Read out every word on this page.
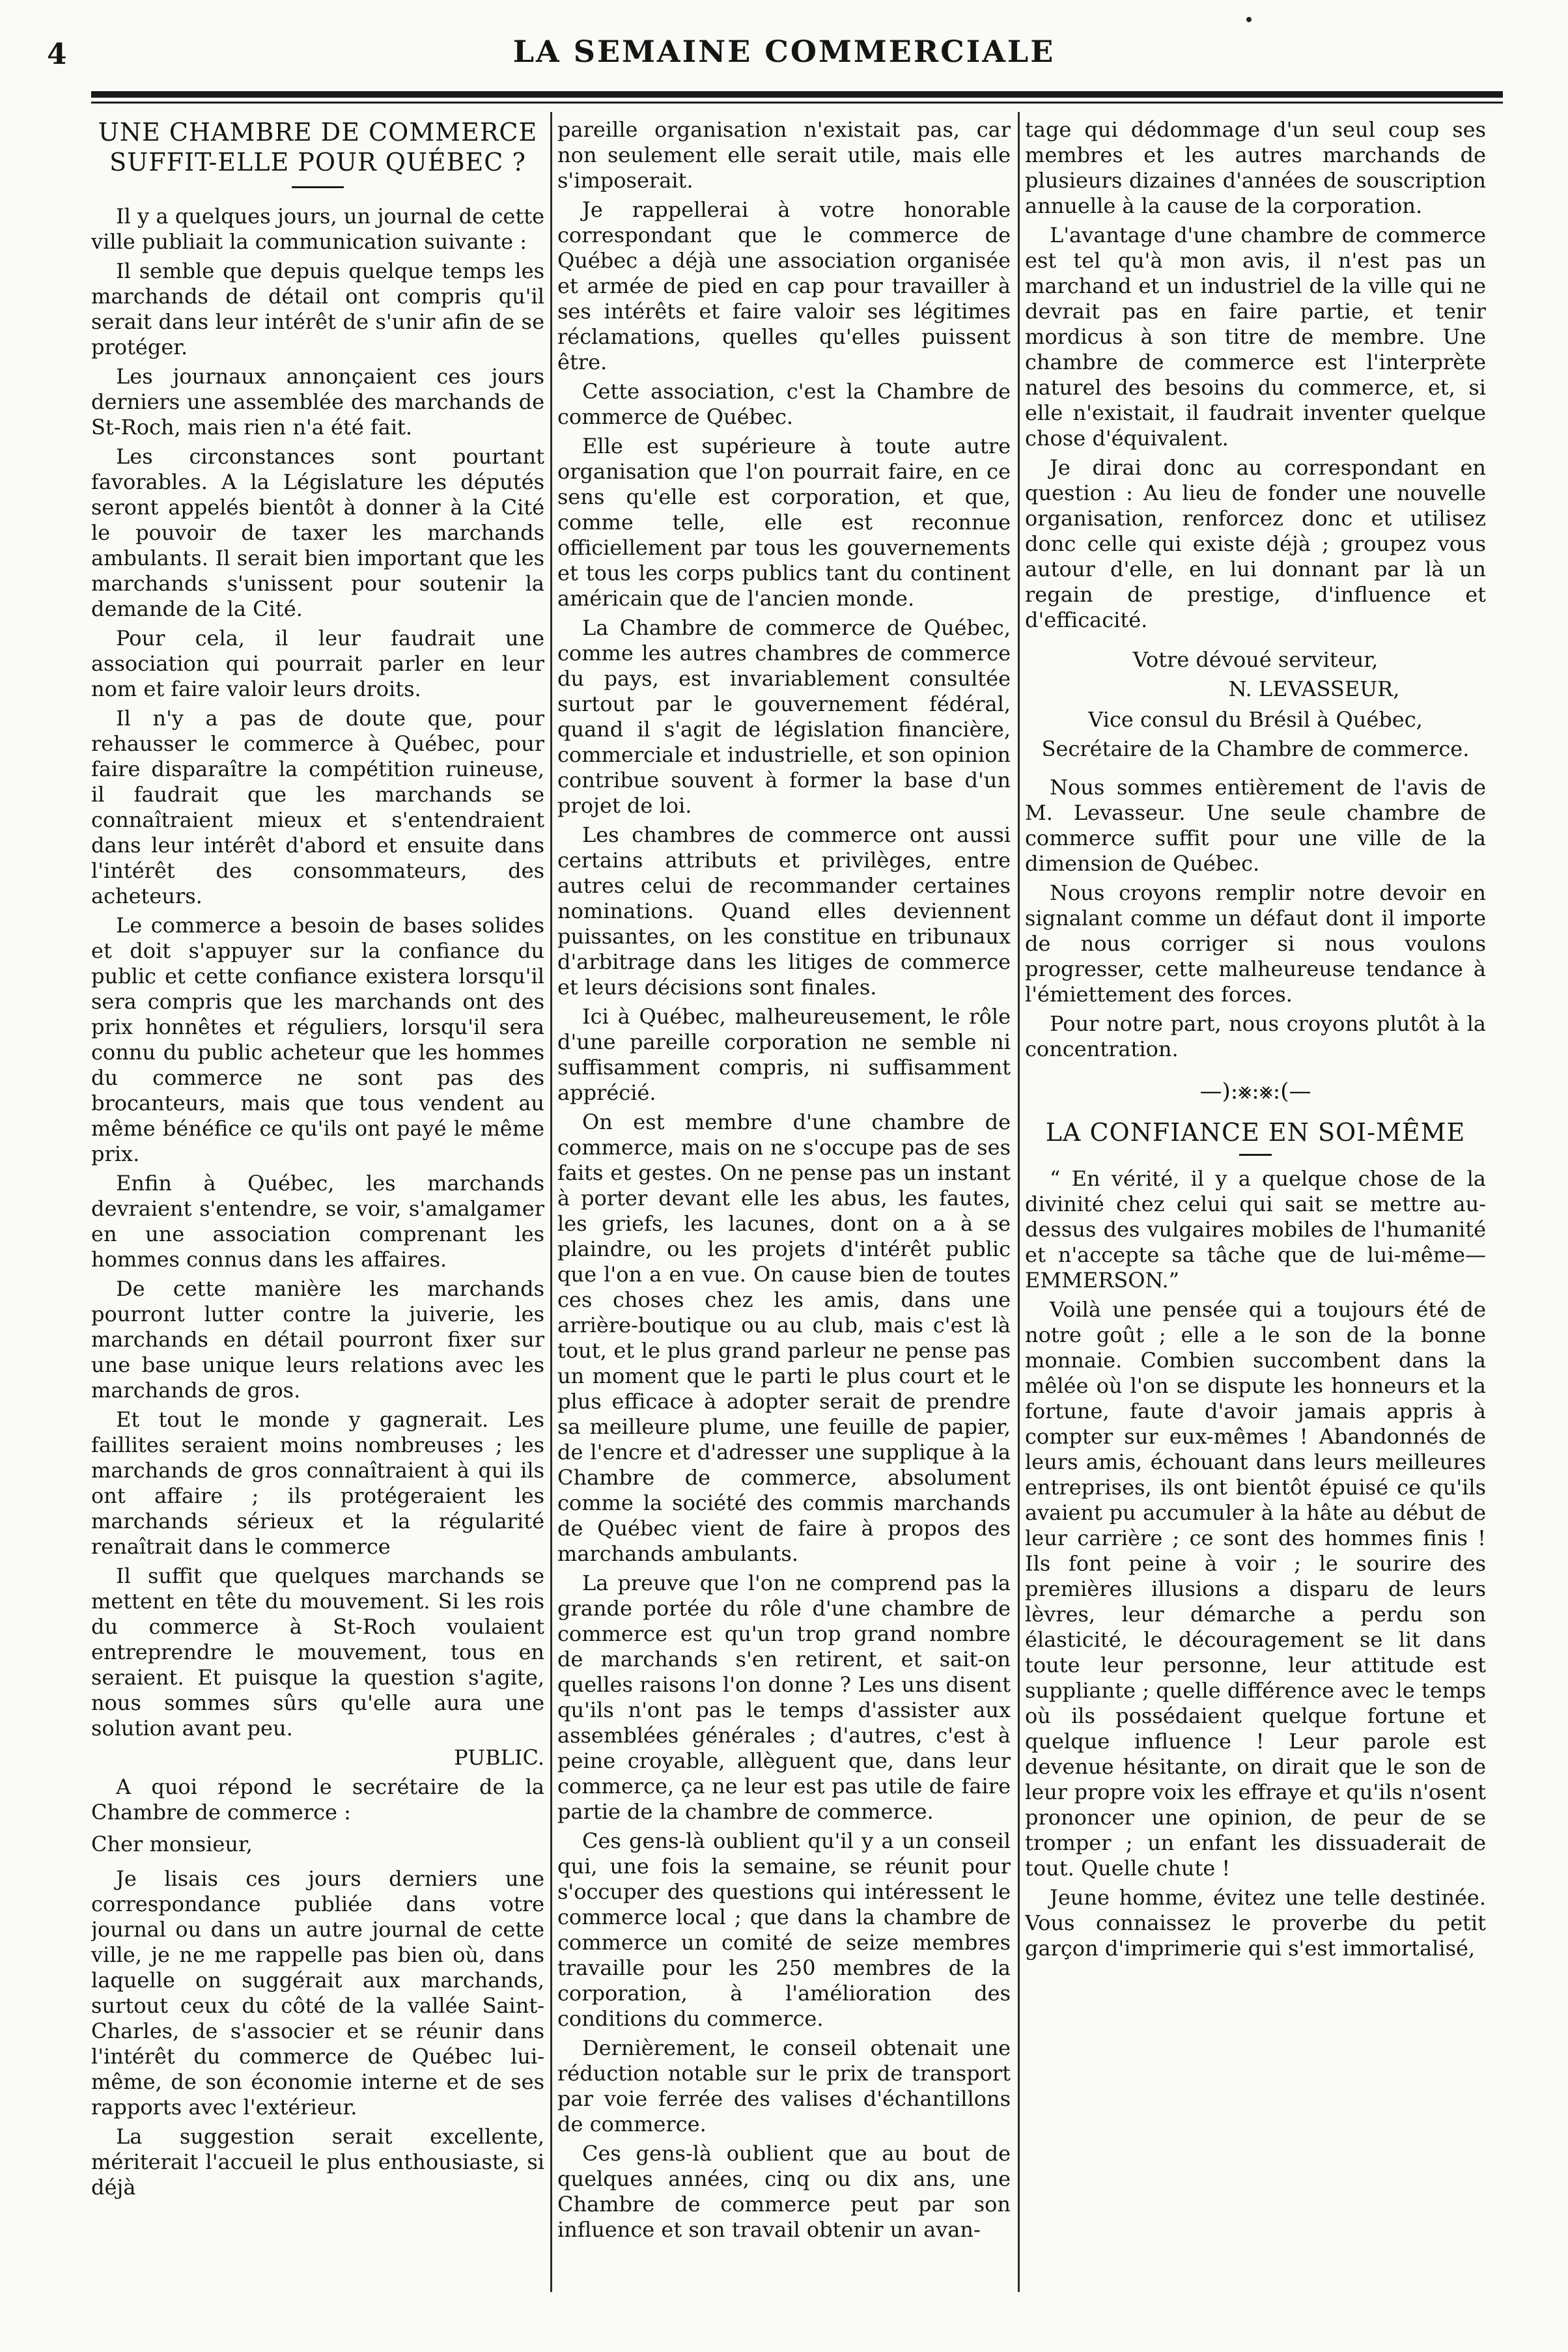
4	LA SEMAINE COMMERCIALE
UNE CHAMBRE DE COMMERCE SUFFIT-ELLE POUR QUÉBEC ?

Il y a quelques jours, un journal de cette ville publiait la communication suivante :

Il semble que depuis quelque temps les marchands de détail ont compris qu'il serait dans leur intérêt de s'unir afin de se protéger.

Les journaux annonçaient ces jours derniers une assemblée des marchands de St-Roch, mais rien n'a été fait.

Les circonstances sont pourtant favorables. A la Législature les députés seront appelés bientôt à donner à la Cité le pouvoir de taxer les marchands ambulants. Il serait bien important que les marchands s'unissent pour soutenir la demande de la Cité.

Pour cela, il leur faudrait une association qui pourrait parler en leur nom et faire valoir leurs droits.

Il n'y a pas de doute que, pour rehausser le commerce à Québec, pour faire disparaître la compétition ruineuse, il faudrait que les marchands se connaîtraient mieux et s'entendraient dans leur intérêt d'abord et ensuite dans l'intérêt des consommateurs, des acheteurs.

Le commerce a besoin de bases solides et doit s'appuyer sur la confiance du public et cette confiance existera lorsqu'il sera compris que les marchands ont des prix honnêtes et réguliers, lorsqu'il sera connu du public acheteur que les hommes du commerce ne sont pas des brocanteurs, mais que tous vendent au même bénéfice ce qu'ils ont payé le même prix.

Enfin à Québec, les marchands devraient s'entendre, se voir, s'amalgamer en une association comprenant les hommes connus dans les affaires.

De cette manière les marchands pourront lutter contre la juiverie, les marchands en détail pourront fixer sur une base unique leurs relations avec les marchands de gros.

Et tout le monde y gagnerait. Les faillites seraient moins nombreuses ; les marchands de gros connaîtraient à qui ils ont affaire ; ils protégeraient les marchands sérieux et la régularité renaîtrait dans le commerce

Il suffit que quelques marchands se mettent en tête du mouvement. Si les rois du commerce à St-Roch voulaient entreprendre le mouvement, tous en seraient. Et puisque la question s'agite, nous sommes sûrs qu'elle aura une solution avant peu.

PUBLIC.

A quoi répond le secrétaire de la Chambre de commerce :

Cher monsieur,

Je lisais ces jours derniers une correspondance publiée dans votre journal ou dans un autre journal de cette ville, je ne me rappelle pas bien où, dans laquelle on suggérait aux marchands, surtout ceux du côté de la vallée Saint-Charles, de s'associer et se réunir dans l'intérêt du commerce de Québec lui-même, de son économie interne et de ses rapports avec l'extérieur.

La suggestion serait excellente, mériterait l'accueil le plus enthousiaste, si déjà

pareille organisation n'existait pas, car non seulement elle serait utile, mais elle s'imposerait.

Je rappellerai à votre honorable correspondant que le commerce de Québec a déjà une association organisée et armée de pied en cap pour travailler à ses intérêts et faire valoir ses légitimes réclamations, quelles qu'elles puissent être.

Cette association, c'est la Chambre de commerce de Québec.

Elle est supérieure à toute autre organisation que l'on pourrait faire, en ce sens qu'elle est corporation, et que, comme telle, elle est reconnue officiellement par tous les gouvernements et tous les corps publics tant du continent américain que de l'ancien monde.

La Chambre de commerce de Québec, comme les autres chambres de commerce du pays, est invariablement consultée surtout par le gouvernement fédéral, quand il s'agit de législation financière, commerciale et industrielle, et son opinion contribue souvent à former la base d'un projet de loi.

Les chambres de commerce ont aussi certains attributs et privilèges, entre autres celui de recommander certaines nominations. Quand elles deviennent puissantes, on les constitue en tribunaux d'arbitrage dans les litiges de commerce et leurs décisions sont finales.

Ici à Québec, malheureusement, le rôle d'une pareille corporation ne semble ni suffisamment compris, ni suffisamment apprécié.

On est membre d'une chambre de commerce, mais on ne s'occupe pas de ses faits et gestes. On ne pense pas un instant à porter devant elle les abus, les fautes, les griefs, les lacunes, dont on a à se plaindre, ou les projets d'intérêt public que l'on a en vue. On cause bien de toutes ces choses chez les amis, dans une arrière-boutique ou au club, mais c'est là tout, et le plus grand parleur ne pense pas un moment que le parti le plus court et le plus efficace à adopter serait de prendre sa meilleure plume, une feuille de papier, de l'encre et d'adresser une supplique à la Chambre de commerce, absolument comme la société des commis marchands de Québec vient de faire à propos des marchands ambulants.

La preuve que l'on ne comprend pas la grande portée du rôle d'une chambre de commerce est qu'un trop grand nombre de marchands s'en retirent, et sait-on quelles raisons l'on donne ? Les uns disent qu'ils n'ont pas le temps d'assister aux assemblées générales ; d'autres, c'est à peine croyable, allèguent que, dans leur commerce, ça ne leur est pas utile de faire partie de la chambre de commerce.

Ces gens-là oublient qu'il y a un conseil qui, une fois la semaine, se réunit pour s'occuper des questions qui intéressent le commerce local ; que dans la chambre de commerce un comité de seize membres travaille pour les 250 membres de la corporation, à l'amélioration des conditions du commerce.

Dernièrement, le conseil obtenait une réduction notable sur le prix de transport par voie ferrée des valises d'échantillons de commerce.

Ces gens-là oublient que au bout de quelques années, cinq ou dix ans, une Chambre de commerce peut par son influence et son travail obtenir un avan-

tage qui dédommage d'un seul coup ses membres et les autres marchands de plusieurs dizaines d'années de souscription annuelle à la cause de la corporation.

L'avantage d'une chambre de commerce est tel qu'à mon avis, il n'est pas un marchand et un industriel de la ville qui ne devrait pas en faire partie, et tenir mordicus à son titre de membre. Une chambre de commerce est l'interprète naturel des besoins du commerce, et, si elle n'existait, il faudrait inventer quelque chose d'équivalent.

Je dirai donc au correspondant en question : Au lieu de fonder une nouvelle organisation, renforcez donc et utilisez donc celle qui existe déjà ; groupez vous autour d'elle, en lui donnant par là un regain de prestige, d'influence et d'efficacité.

Votre dévoué serviteur,

N. LEVASSEUR,

Vice consul du Brésil à Québec,

Secrétaire de la Chambre de commerce.

Nous sommes entièrement de l'avis de M. Levasseur. Une seule chambre de commerce suffit pour une ville de la dimension de Québec.

Nous croyons remplir notre devoir en signalant comme un défaut dont il importe de nous corriger si nous voulons progresser, cette malheureuse tendance à l'émiettement des forces.

Pour notre part, nous croyons plutôt à la concentration.

—):⨳:⨳:(—
LA CONFIANCE EN SOI-MÊME

“ En vérité, il y a quelque chose de la divinité chez celui qui sait se mettre au-dessus des vulgaires mobiles de l'humanité et n'accepte sa tâche que de lui-même—EMMERSON.”

Voilà une pensée qui a toujours été de notre goût ; elle a le son de la bonne monnaie. Combien succombent dans la mêlée où l'on se dispute les honneurs et la fortune, faute d'avoir jamais appris à compter sur eux-mêmes ! Abandonnés de leurs amis, échouant dans leurs meilleures entreprises, ils ont bientôt épuisé ce qu'ils avaient pu accumuler à la hâte au début de leur carrière ; ce sont des hommes finis ! Ils font peine à voir ; le sourire des premières illusions a disparu de leurs lèvres, leur démarche a perdu son élasticité, le découragement se lit dans toute leur personne, leur attitude est suppliante ; quelle différence avec le temps où ils possédaient quelque fortune et quelque influence ! Leur parole est devenue hésitante, on dirait que le son de leur propre voix les effraye et qu'ils n'osent prononcer une opinion, de peur de se tromper ; un enfant les dissuaderait de tout. Quelle chute !

Jeune homme, évitez une telle destinée. Vous connaissez le proverbe du petit garçon d'imprimerie qui s'est immortalisé,
